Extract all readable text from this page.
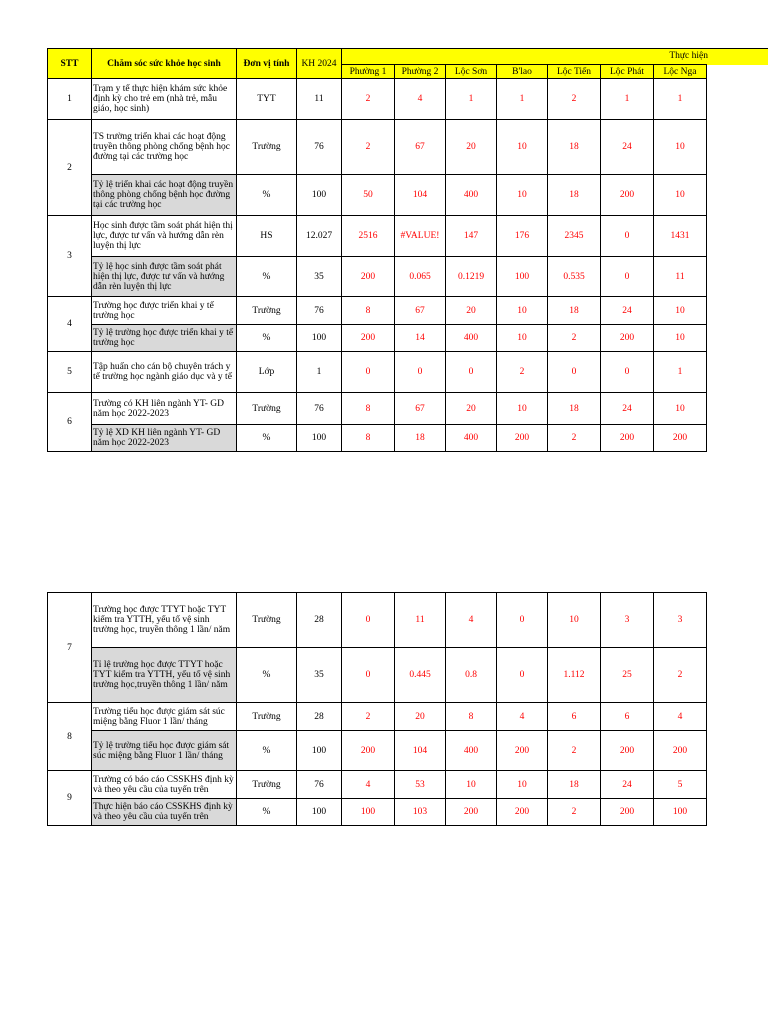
Thực hiện
STT	Chăm sóc sức khỏe học sinh	Đơn vị tính	KH 2024							
				Phường 1	Phường 2	Lộc Sơn	B'lao	Lộc Tiến	Lộc Phát	Lộc Nga
1	Trạm y tế thực hiện khám sức khỏe định kỳ cho trẻ em (nhà trẻ, mẫu giáo, học sinh)	TYT	11	2	4	1	1	2	1	1
2	TS trường triển khai các hoạt động truyền thông phòng chống bệnh học đường tại các trường học	Trường	76	2	67	20	10	18	24	10
	Tỷ lệ triển khai các hoạt động truyền thông phòng chống bệnh học đường tại các trường học	%	100	50	104	400	10	18	200	10
3	Học sinh được tầm soát phát hiện thị lực, được tư vấn và hướng dẫn rèn luyện thị lực	HS	12.027	2516	#VALUE!	147	176	2345	0	1431
	Tỷ lệ học sinh được tầm soát phát hiện thị lực, được tư vấn và hướng dẫn rèn luyện thị lực	%	35	200	0.065	0.1219	100	0.535	0	11
4	Trường học được triển khai y tế trường học	Trường	76	8	67	20	10	18	24	10
	Tỷ lệ trường học được triển khai y tế trường học	%	100	200	14	400	10	2	200	10
5	Tập huấn cho cán bộ chuyên trách y tế trường học ngành giáo dục và y tế	Lớp	1	0	0	0	2	0	0	1
6	Trường có KH liên ngành YT- GD năm học 2022-2023	Trường	76	8	67	20	10	18	24	10
	Tỷ lệ XD KH liên ngành YT- GD năm học 2022-2023	%	100	8	18	400	200	2	200	200
7	Trường học được TTYT hoặc TYT kiểm tra YTTH, yếu tố vệ sinh trường học, truyền thông 1 lần/ năm	Trường	28	0	11	4	0	10	3	3
	Tỉ lệ trường học được TTYT hoặc TYT kiểm tra YTTH, yếu tố vệ sinh trường học,truyền thông 1 lần/ năm	%	35	0	0.445	0.8	0	1.112	25	2
8	Trường tiểu học được giám sát súc miệng bằng Fluor 1 lần/ tháng	Trường	28	2	20	8	4	6	6	4
	Tỷ lệ trường tiểu học được giám sát súc miệng bằng Fluor 1 lần/ tháng	%	100	200	104	400	200	2	200	200
9	Trường có báo cáo CSSKHS định kỳ và theo yêu cầu của tuyến trên	Trường	76	4	53	10	10	18	24	5
	Thực hiện báo cáo CSSKHS định kỳ và theo yêu cầu của tuyến trên	%	100	100	103	200	200	2	200	100
